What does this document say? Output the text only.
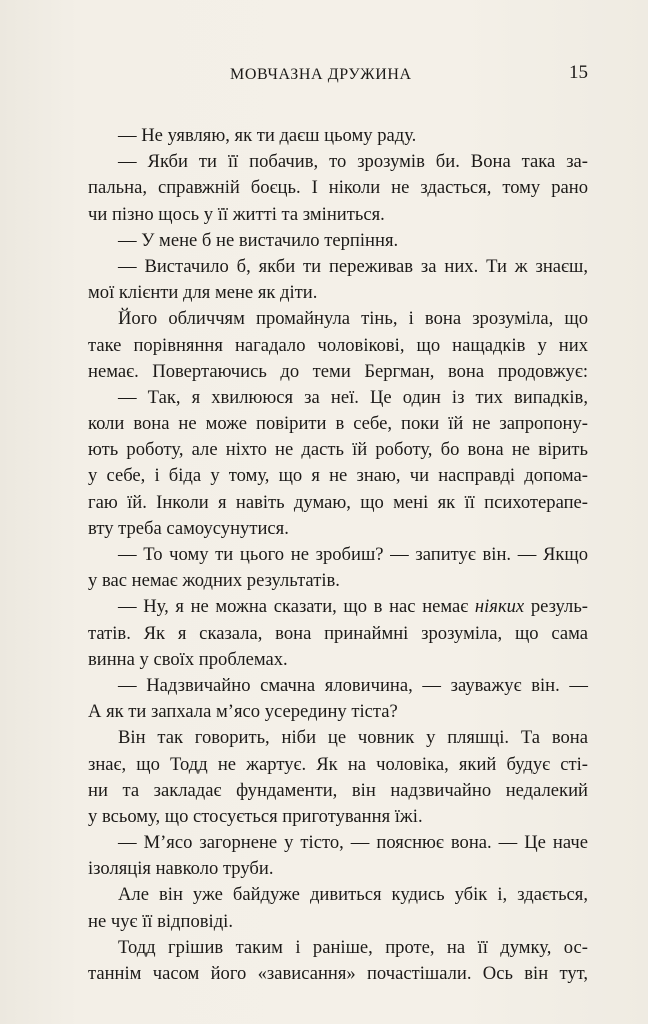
МОВЧАЗНА ДРУЖИНА	15
— Не уявляю, як ти даєш цьому раду.
— Якби ти її побачив, то зрозумів би. Вона така за-
пальна, справжній боєць. І ніколи не здасться, тому рано
чи пізно щось у її житті та зміниться.
— У мене б не вистачило терпіння.
— Вистачило б, якби ти переживав за них. Ти ж знаєш,
мої клієнти для мене як діти.
Його обличчям промайнула тінь, і вона зрозуміла, що
таке порівняння нагадало чоловікові, що нащадків у них
немає. Повертаючись до теми Бергман, вона продовжує:
— Так, я хвилююся за неї. Це один із тих випадків,
коли вона не може повірити в себе, поки їй не запропону-
ють роботу, але ніхто не дасть їй роботу, бо вона не вірить
у себе, і біда у тому, що я не знаю, чи насправді допома-
гаю їй. Інколи я навіть думаю, що мені як її психотерапе-
вту треба самоусунутися.
— То чому ти цього не зробиш? — запитує він. — Якщо
у вас немає жодних результатів.
— Ну, я не можна сказати, що в нас немає ніяких резуль-
татів. Як я сказала, вона принаймні зрозуміла, що сама
винна у своїх проблемах.
— Надзвичайно смачна яловичина, — зауважує він. —
А як ти запхала м’ясо усередину тіста?
Він так говорить, ніби це човник у пляшці. Та вона
знає, що Тодд не жартує. Як на чоловіка, який будує сті-
ни та закладає фундаменти, він надзвичайно недалекий
у всьому, що стосується приготування їжі.
— М’ясо загорнене у тісто, — пояснює вона. — Це наче
ізоляція навколо труби.
Але він уже байдуже дивиться кудись убік і, здається,
не чує її відповіді.
Тодд грішив таким і раніше, проте, на її думку, ос-
таннім часом його «зависання» почастішали. Ось він тут,
